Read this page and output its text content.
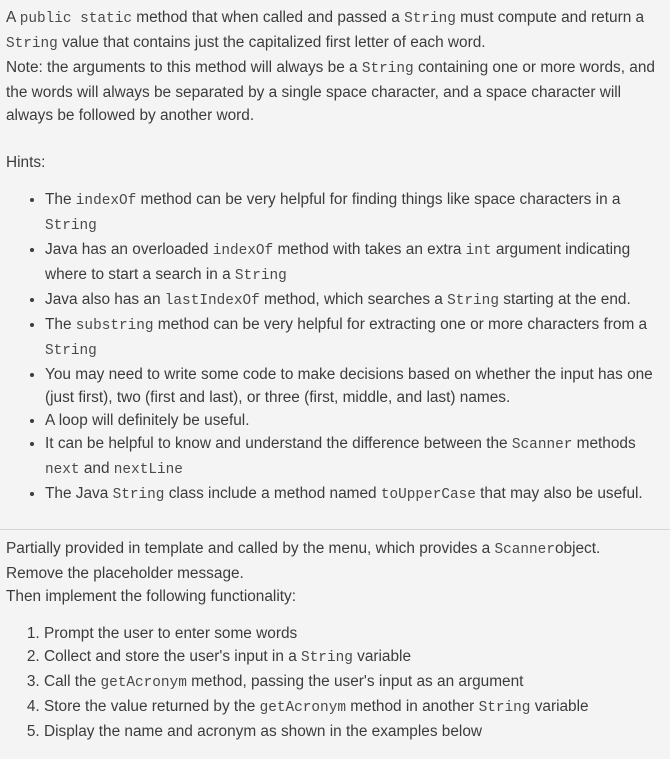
A public static method that when called and passed a String must compute and return a String value that contains just the capitalized first letter of each word.

Note: the arguments to this method will always be a String containing one or more words, and the words will always be separated by a single space character, and a space character will always be followed by another word.

Hints:

• The indexOf method can be very helpful for finding things like space characters in a String
• Java has an overloaded indexOf method with takes an extra int argument indicating where to start a search in a String
• Java also has an lastIndexOf method, which searches a String starting at the end.
• The substring method can be very helpful for extracting one or more characters from a String
• You may need to write some code to make decisions based on whether the input has one (just first), two (first and last), or three (first, middle, and last) names.
• A loop will definitely be useful.
• It can be helpful to know and understand the difference between the Scanner methods next and nextLine
• The Java String class include a method named toUpperCase that may also be useful.

Partially provided in template and called by the menu, which provides a Scannerobject.

Remove the placeholder message.

Then implement the following functionality:

1. Prompt the user to enter some words
2. Collect and store the user's input in a String variable
3. Call the getAcronym method, passing the user's input as an argument
4. Store the value returned by the getAcronym method in another String variable
5. Display the name and acronym as shown in the examples below
